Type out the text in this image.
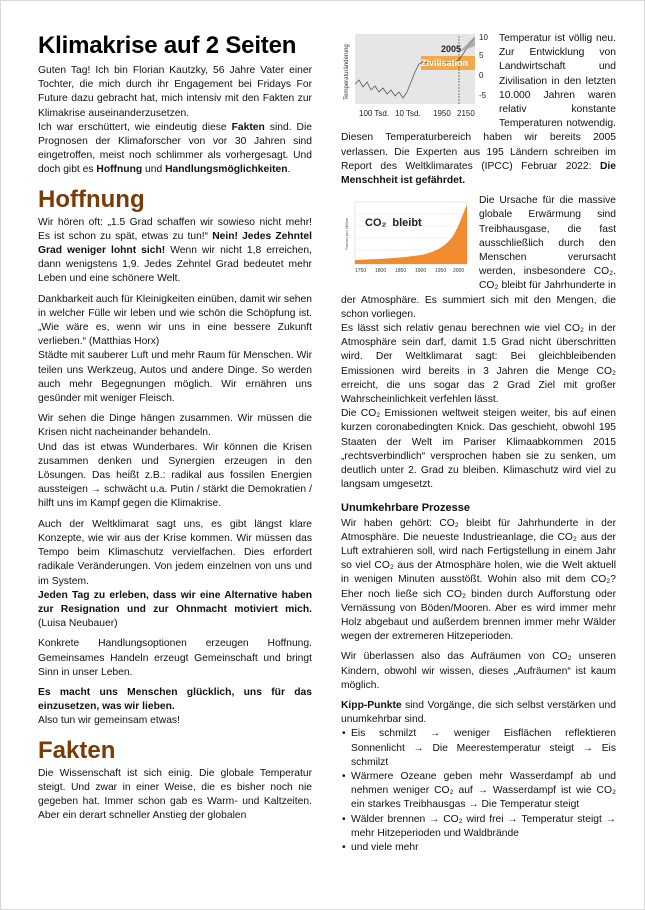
Klimakrise auf 2 Seiten

Guten Tag! Ich bin Florian Kautzky, 56 Jahre Vater einer Tochter, die mich durch ihr Engagement bei Fridays For Future dazu gebracht hat, mich intensiv mit den Fakten zur Klimakrise auseinanderzusetzen.

Ich war erschüttert, wie eindeutig diese Fakten sind. Die Prognosen der Klimaforscher von vor 30 Jahren sind eingetroffen, meist noch schlimmer als vorhergesagt. Und doch gibt es Hoffnung und Handlungsmöglichkeiten.

Hoffnung

Wir hören oft: „1.5 Grad schaffen wir sowieso nicht mehr! Es ist schon zu spät, etwas zu tun!“ Nein! Jedes Zehntel Grad weniger lohnt sich! Wenn wir nicht 1,8 erreichen, dann wenigstens 1,9. Jedes Zehntel Grad bedeutet mehr Leben und eine schönere Welt.

Dankbarkeit auch für Kleinigkeiten einüben, damit wir sehen in welcher Fülle wir leben und wie schön die Schöpfung ist. „Wie wäre es, wenn wir uns in eine bessere Zukunft verlieben.“ (Matthias Horx)

Städte mit sauberer Luft und mehr Raum für Menschen. Wir teilen uns Werkzeug, Autos und andere Dinge. So werden auch mehr Begegnungen möglich. Wir ernähren uns gesünder mit weniger Fleisch.

Wir sehen die Dinge hängen zusammen. Wir müssen die Krisen nicht nacheinander behandeln.

Und das ist etwas Wunderbares. Wir können die Krisen zusammen denken und Synergien erzeugen in den Lösungen. Das heißt z.B.: radikal aus fossilen Energien aussteigen → schwächt u.a. Putin / stärkt die Demokratien / hilft uns im Kampf gegen die Klimakrise.

Auch der Weltklimarat sagt uns, es gibt längst klare Konzepte, wie wir aus der Krise kommen. Wir müssen das Tempo beim Klimaschutz vervielfachen. Dies erfordert radikale Veränderungen. Von jedem einzelnen von uns und im System.

Jeden Tag zu erleben, dass wir eine Alternative haben zur Resignation und zur Ohnmacht motiviert mich. (Luisa Neubauer)

Konkrete Handlungsoptionen erzeugen Hoffnung. Gemeinsames Handeln erzeugt Gemeinschaft und bringt Sinn in unser Leben.

Es macht uns Menschen glücklich, uns für das einzusetzen, was wir lieben.

Also tun wir gemeinsam etwas!

Fakten

Die Wissenschaft ist sich einig. Die globale Temperatur steigt. Und zwar in einer Weise, die es bisher noch nie gegeben hat. Immer schon gab es Warm- und Kaltzeiten. Aber ein derart schneller Anstieg der globalen

2005
Zivilisation
Temperaturänderung
10
5
0
-5
100 Tsd. 10 Tsd. 1950 2150

Temperatur ist völlig neu. Zur Entwicklung von Landwirtschaft und Zivilisation in den letzten 10.000 Jahren waren relativ konstante Temperaturen notwendig. Diesen Temperaturbereich haben wir bereits 2005 verlassen. Die Experten aus 195 Ländern schreiben im Report des Weltklimarates (IPCC) Februar 2022: Die Menschheit ist gefährdet.

CO₂ bleibt
Tonnen pro Million
1750 1800 1850 1900 1950 2000

Die Ursache für die massive globale Erwärmung sind Treibhausgase, die fast ausschließlich durch den Menschen verursacht werden, insbesondere CO₂. CO₂ bleibt für Jahrhunderte in der Atmosphäre. Es summiert sich mit den Mengen, die schon vorliegen.

Es lässt sich relativ genau berechnen wie viel CO₂ in der Atmosphäre sein darf, damit 1.5 Grad nicht überschritten wird. Der Weltklimarat sagt: Bei gleichbleibenden Emissionen wird bereits in 3 Jahren die Menge CO₂ erreicht, die uns sogar das 2 Grad Ziel mit großer Wahrscheinlichkeit verfehlen lässt.

Die CO₂ Emissionen weltweit steigen weiter, bis auf einen kurzen coronabedingten Knick. Das geschieht, obwohl 195 Staaten der Welt im Pariser Klimaabkommen 2015 „rechtsverbindlich“ versprochen haben sie zu senken, um deutlich unter 2. Grad zu bleiben. Klimaschutz wird viel zu langsam umgesetzt.

Unumkehrbare Prozesse

Wir haben gehört: CO₂ bleibt für Jahrhunderte in der Atmosphäre. Die neueste Industrieanlage, die CO₂ aus der Luft extrahieren soll, wird nach Fertigstellung in einem Jahr so viel CO₂ aus der Atmosphäre holen, wie die Welt aktuell in wenigen Minuten ausstößt. Wohin also mit dem CO₂? Eher noch ließe sich CO₂ binden durch Aufforstung oder Vernässung von Böden/Mooren. Aber es wird immer mehr Holz abgebaut und außerdem brennen immer mehr Wälder wegen der extremeren Hitzeperioden.

Wir überlassen also das Aufräumen von CO₂ unseren Kindern, obwohl wir wissen, dieses „Aufräumen“ ist kaum möglich.

Kipp-Punkte sind Vorgänge, die sich selbst verstärken und unumkehrbar sind.

• Eis schmilzt → weniger Eisflächen reflektieren Sonnenlicht → Die Meerestemperatur steigt → Eis schmilzt
• Wärmere Ozeane geben mehr Wasserdampf ab und nehmen weniger CO₂ auf → Wasserdampf ist wie CO₂ ein starkes Treibhausgas → Die Temperatur steigt
• Wälder brennen → CO₂ wird frei → Temperatur steigt → mehr Hitzeperioden und Waldbrände
• und viele mehr
